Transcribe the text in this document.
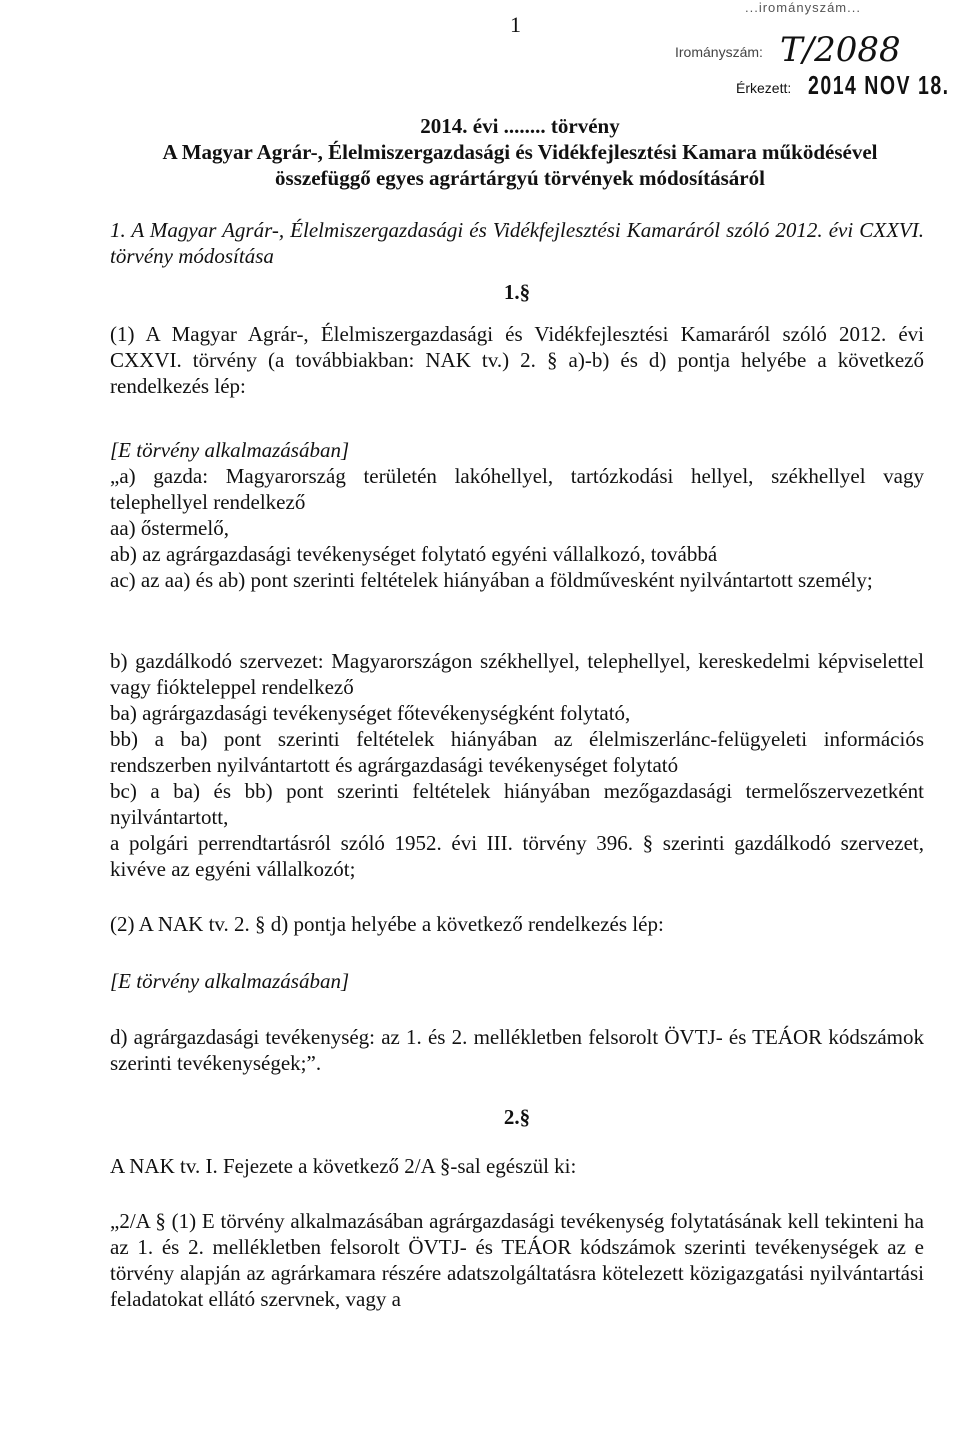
1
...irományszám...
Irományszám: T/2088
Érkezett: 2014 NOV 18.
2014. évi ........ törvény
A Magyar Agrár-, Élelmiszergazdasági és Vidékfejlesztési Kamara működésével
összefüggő egyes agrártárgyú törvények módosításáról
1. A Magyar Agrár-, Élelmiszergazdasági és Vidékfejlesztési Kamaráról szóló 2012. évi CXXVI. törvény módosítása
1.§
(1) A Magyar Agrár-, Élelmiszergazdasági és Vidékfejlesztési Kamaráról szóló 2012. évi CXXVI. törvény (a továbbiakban: NAK tv.) 2. § a)-b) és d) pontja helyébe a következő rendelkezés lép:
[E törvény alkalmazásában]
„a) gazda: Magyarország területén lakóhellyel, tartózkodási hellyel, székhellyel vagy telephellyel rendelkező
aa) őstermelő,
ab) az agrárgazdasági tevékenységet folytató egyéni vállalkozó, továbbá
ac) az aa) és ab) pont szerinti feltételek hiányában a földművesként nyilvántartott személy;
b) gazdálkodó szervezet: Magyarországon székhellyel, telephellyel, kereskedelmi képviselettel vagy fiókteleppel rendelkező
ba) agrárgazdasági tevékenységet főtevékenységként folytató,
bb) a ba) pont szerinti feltételek hiányában az élelmiszerlánc-felügyeleti információs rendszerben nyilvántartott és agrárgazdasági tevékenységet folytató
bc) a ba) és bb) pont szerinti feltételek hiányában mezőgazdasági termelőszervezetként nyilvántartott,
a polgári perrendtartásról szóló 1952. évi III. törvény 396. § szerinti gazdálkodó szervezet, kivéve az egyéni vállalkozót;
(2) A NAK tv. 2. § d) pontja helyébe a következő rendelkezés lép:
[E törvény alkalmazásában]
d) agrárgazdasági tevékenység: az 1. és 2. mellékletben felsorolt ÖVTJ- és TEÁOR kódszámok szerinti tevékenységek;”.
2.§
A NAK tv. I. Fejezete a következő 2/A §-sal egészül ki:
„2/A § (1) E törvény alkalmazásában agrárgazdasági tevékenység folytatásának kell tekinteni ha az 1. és 2. mellékletben felsorolt ÖVTJ- és TEÁOR kódszámok szerinti tevékenységek az e törvény alapján az agrárkamara részére adatszolgáltatásra kötelezett közigazgatási nyilvántartási feladatokat ellátó szervnek, vagy a
